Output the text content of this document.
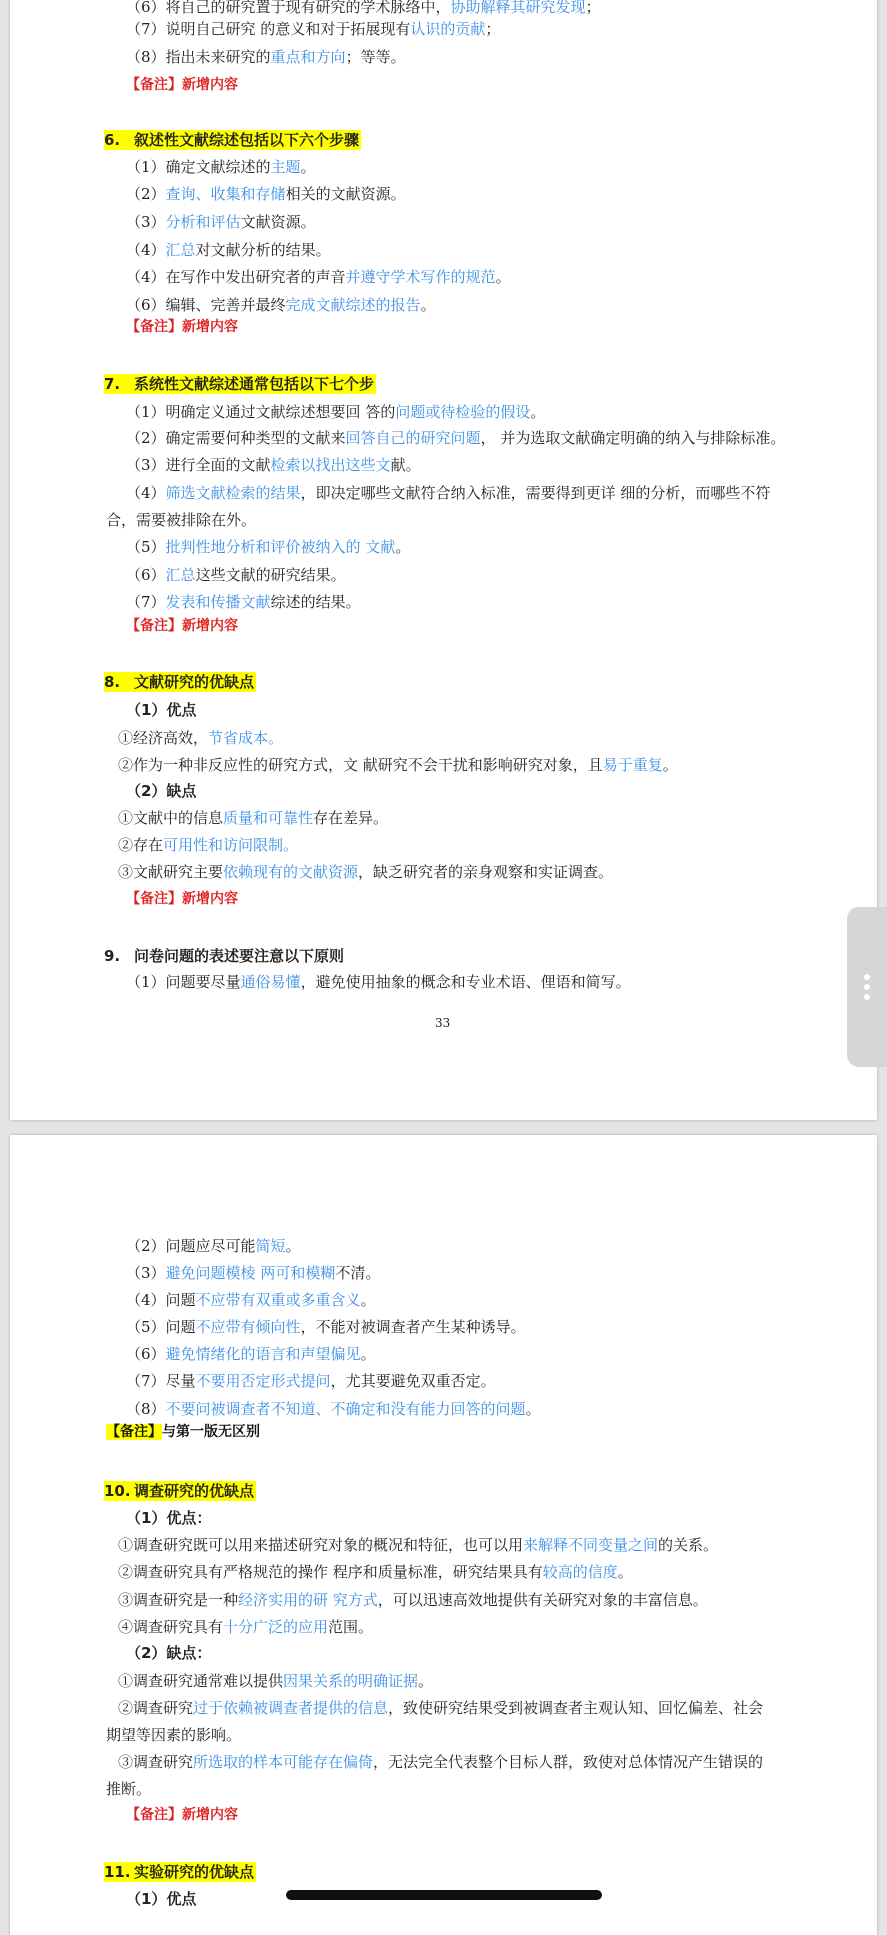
（6）将自己的研究置于现有研究的学术脉络中，协助解释其研究发现；
（7）说明自己研究 的意义和对于拓展现有认识的贡献；
（8）指出未来研究的重点和方向；等等。
【备注】新增内容
6. 叙述性文献综述包括以下六个步骤
（1）确定文献综述的主题。
（2）查询、收集和存储相关的文献资源。
（3）分析和评估文献资源。
（4）汇总对文献分析的结果。
（4）在写作中发出研究者的声音并遵守学术写作的规范。
（6）编辑、完善并最终完成文献综述的报告。
【备注】新增内容
7. 系统性文献综述通常包括以下七个步
（1）明确定义通过文献综述想要回 答的问题或待检验的假设。
（2）确定需要何种类型的文献来回答自己的研究问题， 并为选取文献确定明确的纳入与排除标准。
（3）进行全面的文献检索以找出这些文献。
（4）筛选文献检索的结果，即决定哪些文献符合纳入标准，需要得到更详 细的分析，而哪些不符
合，需要被排除在外。
（5）批判性地分析和评价被纳入的 文献。
（6）汇总这些文献的研究结果。
（7）发表和传播文献综述的结果。
【备注】新增内容
8. 文献研究的优缺点
（1）优点
①经济高效，节省成本。
②作为一种非反应性的研究方式，文 献研究不会干扰和影响研究对象，且易于重复。
（2）缺点
①文献中的信息质量和可靠性存在差异。
②存在可用性和访问限制。
③文献研究主要依赖现有的文献资源，缺乏研究者的亲身观察和实证调查。
【备注】新增内容
9. 问卷问题的表述要注意以下原则
（1）问题要尽量通俗易懂，避免使用抽象的概念和专业术语、俚语和简写。
33
（2）问题应尽可能简短。
（3）避免问题模棱 两可和模糊不清。
（4）问题不应带有双重或多重含义。
（5）问题不应带有倾向性，不能对被调查者产生某种诱导。
（6）避免情绪化的语言和声望偏见。
（7）尽量不要用否定形式提问，尤其要避免双重否定。
（8）不要问被调查者不知道、不确定和没有能力回答的问题。
【备注】与第一版无区别
10. 调查研究的优缺点
（1）优点：
①调查研究既可以用来描述研究对象的概况和特征，也可以用来解释不同变量之间的关系。
②调查研究具有严格规范的操作 程序和质量标准，研究结果具有较高的信度。
③调查研究是一种经济实用的研 究方式，可以迅速高效地提供有关研究对象的丰富信息。
④调查研究具有十分广泛的应用范围。
（2）缺点：
①调查研究通常难以提供因果关系的明确证据。
②调查研究过于依赖被调查者提供的信息，致使研究结果受到被调查者主观认知、回忆偏差、社会
期望等因素的影响。
③调查研究所选取的样本可能存在偏倚，无法完全代表整个目标人群，致使对总体情况产生错误的
推断。
【备注】新增内容
11. 实验研究的优缺点
（1）优点
